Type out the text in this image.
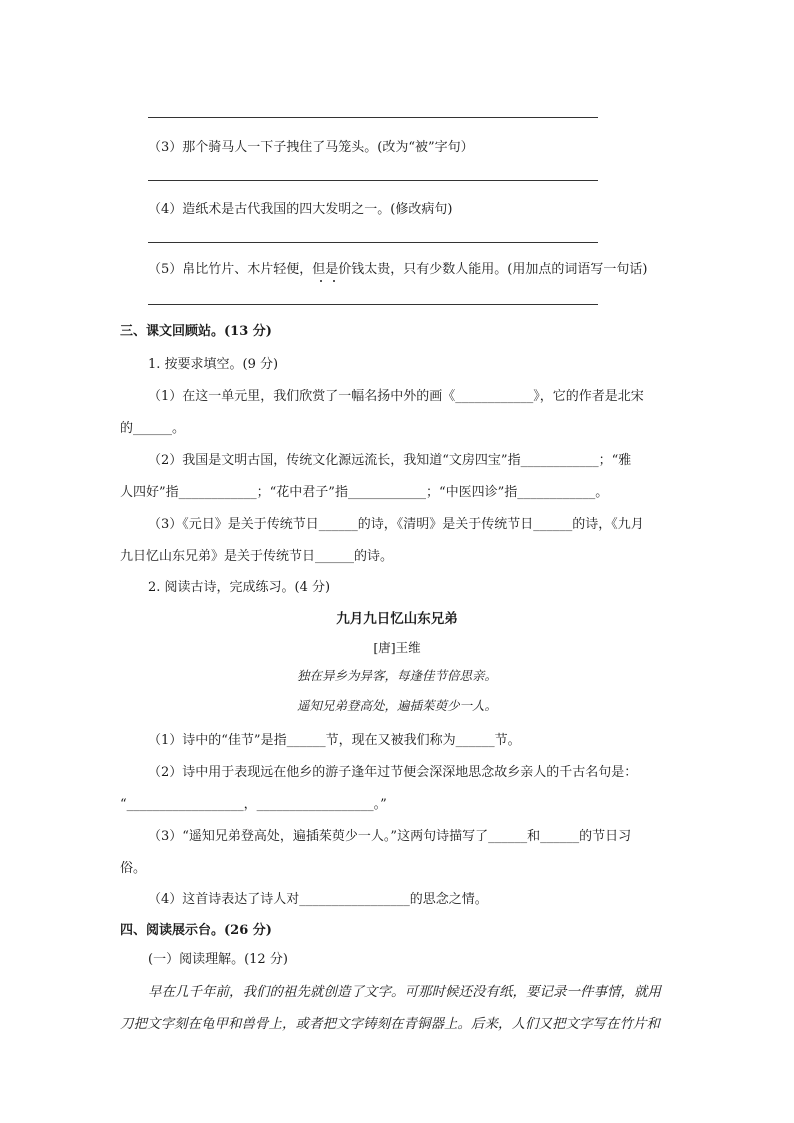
（3）那个骑马人一下子拽住了马笼头。(改为“被”字句）
（4）造纸术是古代我国的四大发明之一。(修改病句)
（5）帛比竹片、木片轻便，但是价钱太贵，只有少数人能用。(用加点的词语写一句话)
三、课文回顾站。(13 分)
1. 按要求填空。(9 分)
（1）在这一单元里，我们欣赏了一幅名扬中外的画《____________》，它的作者是北宋
的______。
（2）我国是文明古国，传统文化源远流长，我知道“文房四宝”指____________；“雅
人四好”指____________；“花中君子”指____________；“中医四诊”指____________。
（3）《元日》是关于传统节日______的诗，《清明》是关于传统节日______的诗，《九月
九日忆山东兄弟》是关于传统节日______的诗。
2. 阅读古诗，完成练习。(4 分)
九月九日忆山东兄弟
[唐]王维
独在异乡为异客，每逢佳节倍思亲。
遥知兄弟登高处，遍插茱萸少一人。
（1）诗中的“佳节”是指______节，现在又被我们称为______节。
（2）诗中用于表现远在他乡的游子逢年过节便会深深地思念故乡亲人的千古名句是：
“__________________，__________________。”
（3）“遥知兄弟登高处，遍插茱萸少一人。”这两句诗描写了______和______的节日习
俗。
（4）这首诗表达了诗人对_________________的思念之情。
四、阅读展示台。(26 分)
(一）阅读理解。(12 分)
早在几千年前，我们的祖先就创造了文字。可那时候还没有纸，要记录一件事情，就用
刀把文字刻在龟甲和兽骨上，或者把文字铸刻在青铜器上。后来，人们又把文字写在竹片和
